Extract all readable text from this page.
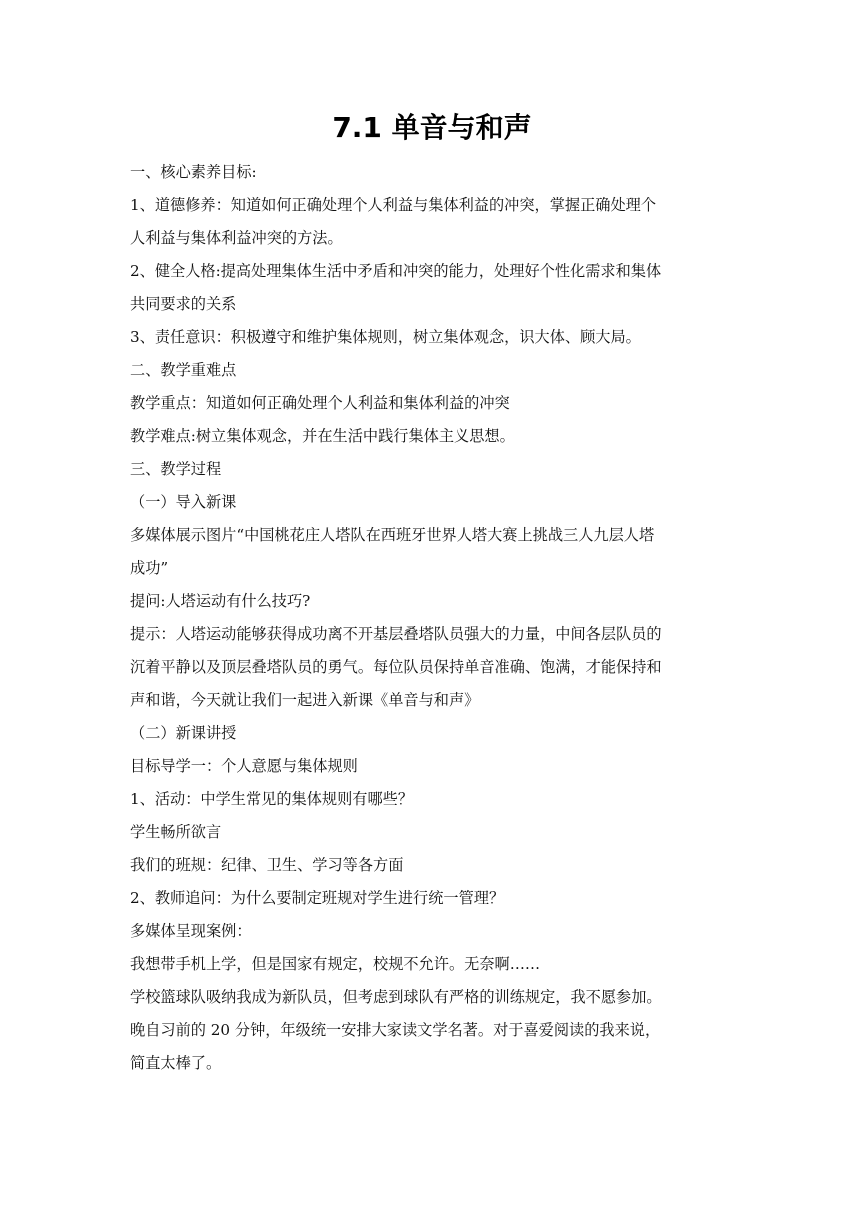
7.1 单音与和声

一、核心素养目标:

1、道德修养：知道如何正确处理个人利益与集体利益的冲突，掌握正确处理个

人利益与集体利益冲突的方法。

2、健全人格:提高处理集体生活中矛盾和冲突的能力，处理好个性化需求和集体

共同要求的关系

3、责任意识：积极遵守和维护集体规则，树立集体观念，识大体、顾大局。

二、教学重难点

教学重点：知道如何正确处理个人利益和集体利益的冲突

教学难点:树立集体观念，并在生活中践行集体主义思想。

三、教学过程

（一）导入新课

多媒体展示图片“中国桃花庄人塔队在西班牙世界人塔大赛上挑战三人九层人塔

成功”

提问:人塔运动有什么技巧?

提示：人塔运动能够获得成功离不开基层叠塔队员强大的力量，中间各层队员的

沉着平静以及顶层叠塔队员的勇气。每位队员保持单音准确、饱满，才能保持和

声和谐，今天就让我们一起进入新课《单音与和声》

（二）新课讲授

目标导学一：个人意愿与集体规则

1、活动：中学生常见的集体规则有哪些？

学生畅所欲言

我们的班规：纪律、卫生、学习等各方面

2、教师追问：为什么要制定班规对学生进行统一管理？

多媒体呈现案例：

我想带手机上学，但是国家有规定，校规不允许。无奈啊……

学校篮球队吸纳我成为新队员，但考虑到球队有严格的训练规定，我不愿参加。

晚自习前的 20 分钟，年级统一安排大家读文学名著。对于喜爱阅读的我来说，

简直太棒了。
